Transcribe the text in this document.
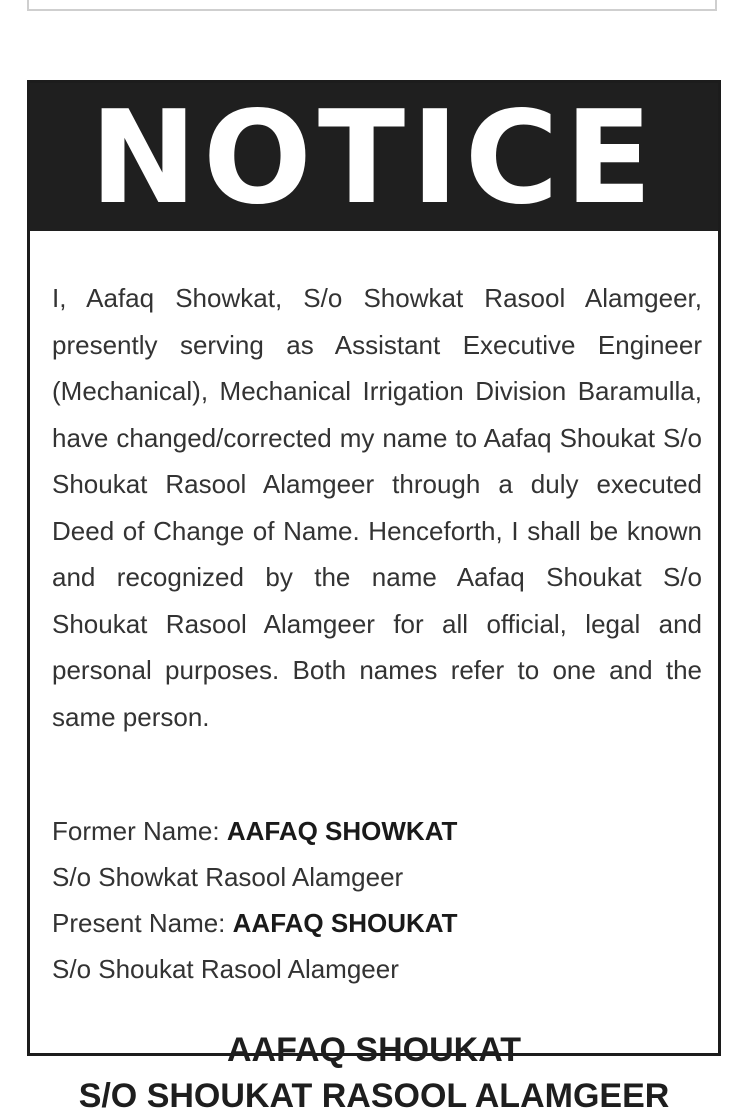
NOTICE

I, Aafaq Showkat, S/o Showkat Rasool Alamgeer, presently serving as Assistant Executive Engineer (Mechanical), Mechanical Irrigation Division Baramulla, have changed/corrected my name to Aafaq Shoukat S/o Shoukat Rasool Alamgeer through a duly executed Deed of Change of Name. Henceforth, I shall be known and recognized by the name Aafaq Shoukat S/o Shoukat Rasool Alamgeer for all official, legal and personal purposes. Both names refer to one and the same person.

Former Name: AAFAQ SHOWKAT
S/o Showkat Rasool Alamgeer
Present Name: AAFAQ SHOUKAT
S/o Shoukat Rasool Alamgeer
AAFAQ SHOUKAT
S/O SHOUKAT RASOOL ALAMGEER
